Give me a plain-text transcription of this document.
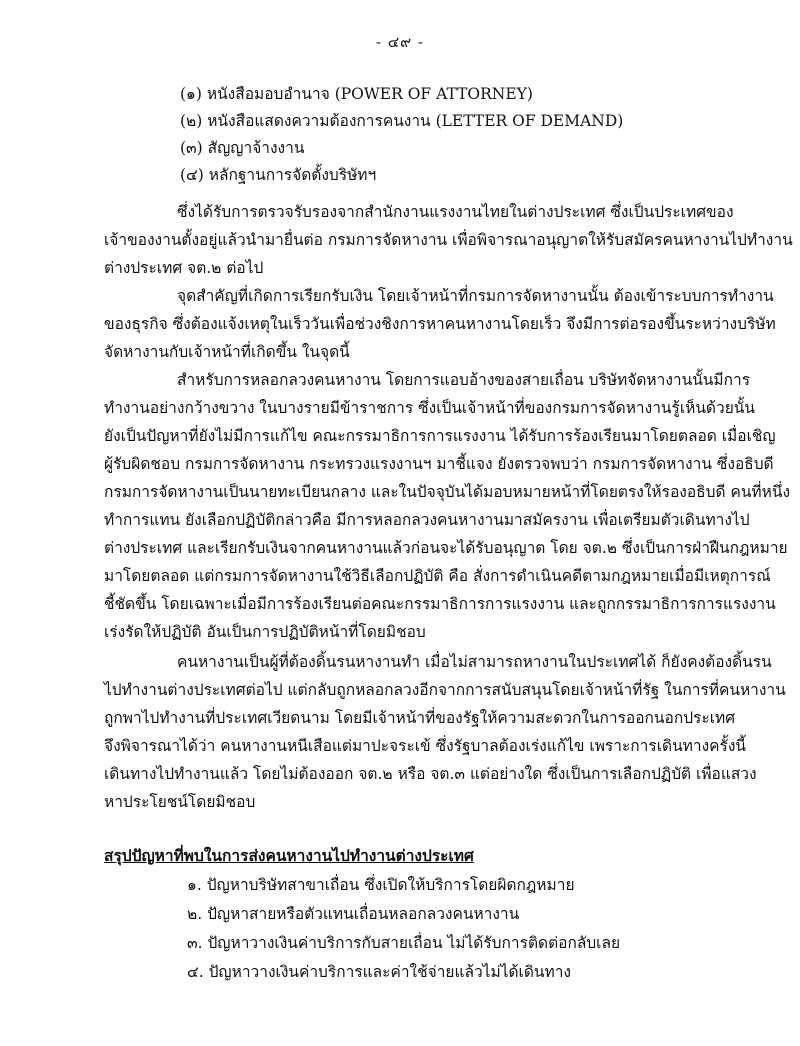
- ๔๙ -
(๑) หนังสือมอบอำนาจ (POWER OF ATTORNEY)
(๒) หนังสือแสดงความต้องการคนงาน (LETTER OF DEMAND)
(๓) สัญญาจ้างงาน
(๔) หลักฐานการจัดตั้งบริษัทฯ
ซึ่งได้รับการตรวจรับรองจากสำนักงานแรงงานไทยในต่างประเทศ ซึ่งเป็นประเทศของ
เจ้าของงานตั้งอยู่แล้วนำมายื่นต่อ กรมการจัดหางาน เพื่อพิจารณาอนุญาตให้รับสมัครคนหางานไปทำงาน
ต่างประเทศ จต.๒ ต่อไป
จุดสำคัญที่เกิดการเรียกรับเงิน โดยเจ้าหน้าที่กรมการจัดหางานนั้น ต้องเข้าระบบการทำงาน
ของธุรกิจ ซึ่งต้องแจ้งเหตุในเร็ววันเพื่อช่วงชิงการหาคนหางานโดยเร็ว จึงมีการต่อรองขึ้นระหว่างบริษัท
จัดหางานกับเจ้าหน้าที่เกิดขึ้น ในจุดนี้
สำหรับการหลอกลวงคนหางาน โดยการแอบอ้างของสายเถื่อน บริษัทจัดหางานนั้นมีการ
ทำงานอย่างกว้างขวาง ในบางรายมีข้าราชการ ซึ่งเป็นเจ้าหน้าที่ของกรมการจัดหางานรู้เห็นด้วยนั้น
ยังเป็นปัญหาที่ยังไม่มีการแก้ไข คณะกรรมาธิการการแรงงาน ได้รับการร้องเรียนมาโดยตลอด เมื่อเชิญ
ผู้รับผิดชอบ กรมการจัดหางาน กระทรวงแรงงานฯ มาชี้แจง ยังตรวจพบว่า กรมการจัดหางาน ซึ่งอธิบดี
กรมการจัดหางานเป็นนายทะเบียนกลาง และในปัจจุบันได้มอบหมายหน้าที่โดยตรงให้รองอธิบดี คนที่หนึ่ง
ทำการแทน ยังเลือกปฏิบัติกล่าวคือ มีการหลอกลวงคนหางานมาสมัครงาน เพื่อเตรียมตัวเดินทางไป
ต่างประเทศ และเรียกรับเงินจากคนหางานแล้วก่อนจะได้รับอนุญาต โดย จต.๒ ซึ่งเป็นการฝ่าฝืนกฎหมาย
มาโดยตลอด แต่กรมการจัดหางานใช้วิธีเลือกปฏิบัติ คือ สั่งการดำเนินคดีตามกฎหมายเมื่อมีเหตุการณ์
ชี้ชัดขึ้น โดยเฉพาะเมื่อมีการร้องเรียนต่อคณะกรรมาธิการการแรงงาน และถูกกรรมาธิการการแรงงาน
เร่งรัดให้ปฏิบัติ อันเป็นการปฏิบัติหน้าที่โดยมิชอบ
คนหางานเป็นผู้ที่ต้องดิ้นรนหางานทำ เมื่อไม่สามารถหางานในประเทศได้ ก็ยังคงต้องดิ้นรน
ไปทำงานต่างประเทศต่อไป แต่กลับถูกหลอกลวงอีกจากการสนับสนุนโดยเจ้าหน้าที่รัฐ ในการที่คนหางาน
ถูกพาไปทำงานที่ประเทศเวียดนาม โดยมีเจ้าหน้าที่ของรัฐให้ความสะดวกในการออกนอกประเทศ
จึงพิจารณาได้ว่า คนหางานหนีเสือแต่มาปะจระเข้ ซึ่งรัฐบาลต้องเร่งแก้ไข เพราะการเดินทางครั้งนี้
เดินทางไปทำงานแล้ว โดยไม่ต้องออก จต.๒ หรือ จต.๓ แต่อย่างใด ซึ่งเป็นการเลือกปฏิบัติ เพื่อแสวง
หาประโยชน์โดยมิชอบ
สรุปปัญหาที่พบในการส่งคนหางานไปทำงานต่างประเทศ
๑. ปัญหาบริษัทสาขาเถื่อน ซึ่งเปิดให้บริการโดยผิดกฎหมาย
๒. ปัญหาสายหรือตัวแทนเถื่อนหลอกลวงคนหางาน
๓. ปัญหาวางเงินค่าบริการกับสายเถื่อน ไม่ได้รับการติดต่อกลับเลย
๔. ปัญหาวางเงินค่าบริการและค่าใช้จ่ายแล้วไม่ได้เดินทาง
